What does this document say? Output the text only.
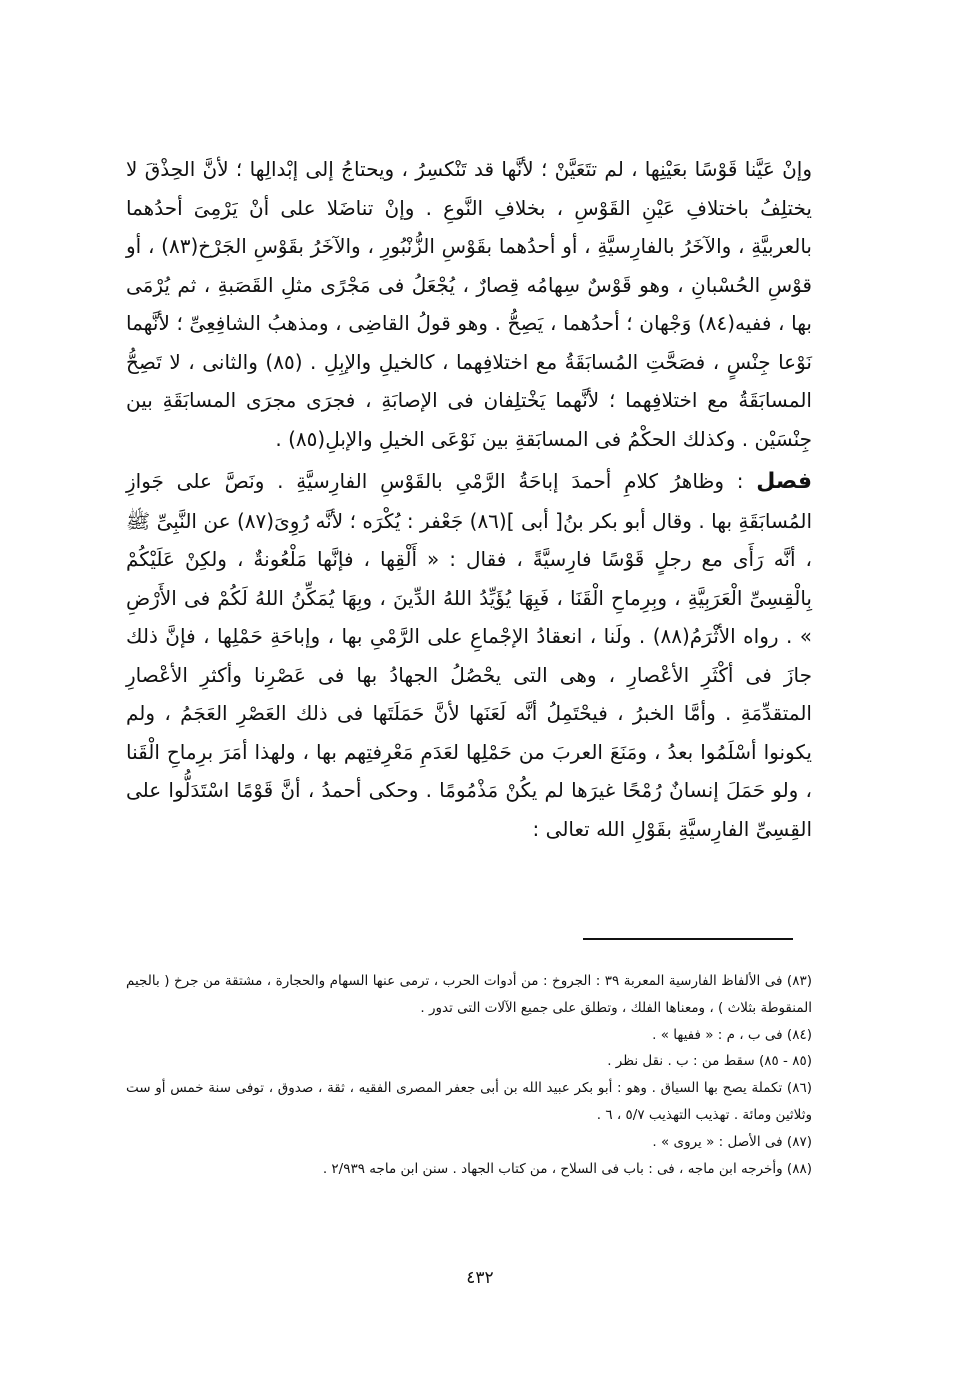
وإنْ عَيَّنا قَوْسًا بعَيْنِها ، لم تتَعَيَّنْ ؛ لأنَّها قد تَنْكسِرُ ، ويحتاجُ إلى إبْدالِها ؛ لأنَّ الحِذْقَ لا يختلِفُ باختلافِ عَيْنِ القَوْسِ ، بخلافِ النَّوعِ . وإنْ تناضَلا على أنْ يَرْمِىَ أحدُهما بالعربيَّةِ ، والآخَرُ بالفارِسيَّةِ ، أو أحدُهما بقَوْسِ الزُّنْبُورِ ، والآخَرُ بقَوْسِ الجَرْخ(٨٣) ، أو قوْسِ الحُسْبانِ ، وهو قَوْسٌ سِهامُه قِصارٌ ، يُجْعَلُ فى مَجْرًى مثلِ القَصَبةِ ، ثم يُرْمَى بها ، ففيه(٨٤) وَجْهان ؛ أحدُهما ، يَصِحُّ . وهو قولُ القاضِى ، ومذهبُ الشافِعِىِّ ؛ لأنَّهما نَوْعا جِنْسٍ ، فصَحَّتِ المُسابَقَةُ مع اختلافِهما ، كالخيلِ والإبِلِ . (٨٥) والثانى ، لا تَصِحُّ المسابَقَةُ مع اختلافِهما ؛ لأنَّهما يَخْتلِفان فى الإصابَةِ ، فجرَى مجرَى المسابَقَةِ بين جِنْسَيْن . وكذلك الحكْمُ فى المسابَقةِ بين نَوْعَى الخيلِ والإبلِ(٨٥) .

فصل : وظاهرُ كلامِ أحمدَ إباحَةُ الرَّمْىِ بالقَوْسِ الفارِسيَّةِ . ونَصَّ على جَوازِ المُسابَقَةِ بها . وقال أبو بكر بنُ[ أبى ](٨٦) جَعْفر : يُكْرَه ؛ لأنَّه رُوِىَ(٨٧) عن النَّبِىِّ ﷺ ، أنَّه رَأَى مع رجلٍ قَوْسًا فارِسيَّةً ، فقال : « أَلْقِها ، فإنَّها مَلْعُونةٌ ، ولكِنْ عَلَيْكُمْ بِالْقِسِىِّ الْعَرَبِيَّةِ ، وبِرِماحِ الْقَنَا ، فَبِهَا يُؤَيِّدُ اللهُ الدِّينَ ، وبِهَا يُمَكِّنُ اللهُ لَكُمْ فى الأَرْضِ » . رواه الأثْرَمُ(٨٨) . ولَنا ، انعقادُ الإجْماعِ على الرَّمْىِ بها ، وإباحَةِ حَمْلِها ، فإنَّ ذلك جازَ فى أكْثَرِ الأعْصارِ ، وهى التى يحْصُلُ الجهادُ بها فى عَصْرِنا وأكثرِ الأعْصارِ المتقدِّمَةِ . وأمَّا الخبرُ ، فيحْتَمِلُ أنَّه لَعَنَها لأنَّ حَمَلَتَها فى ذلك العَصْرِ العَجَمُ ، ولم يكونوا أسْلَمُوا بعدُ ، ومَنَعَ العربَ من حَمْلِها لعَدَمِ مَعْرِفتِهم بها ، ولهذا أمَرَ برِماحِ الْقَنا ، ولو حَمَلَ إنسانٌ رُمْحًا غيرَها لم يكُنْ مَذْمُومًا . وحكى أحمدُ ، أنَّ قَوْمًا اسْتَدَلُّوا على القِسِىِّ الفارِسيَّةِ بقَوْلِ الله تعالى :

(٨٣) فى الألفاظ الفارسية المعربة ٣٩ : الجروخ : من أدوات الحرب ، ترمى عنها السهام والحجارة ، مشتقة من جرخ ( بالجيم المنقوطة بثلاث ) ، ومعناها الفلك ، وتطلق على جميع الآلات التى تدور .

(٨٤) فى ب ، م : « ففيها » .

(٨٥ - ٨٥) سقط من : ب . نقل نظر .

(٨٦) تكملة يصح بها السياق . وهو : أبو بكر عبيد الله بن أبى جعفر المصرى الفقيه ، ثقة ، صدوق ، توفى سنة خمس أو ست وثلاثين ومائة . تهذيب التهذيب ٥/٧ ، ٦ .

(٨٧) فى الأصل : « يروى » .

(٨٨) وأخرجه ابن ماجه ، فى : باب فى السلاح ، من كتاب الجهاد . سنن ابن ماجه ٢/٩٣٩ .

٤٣٢
